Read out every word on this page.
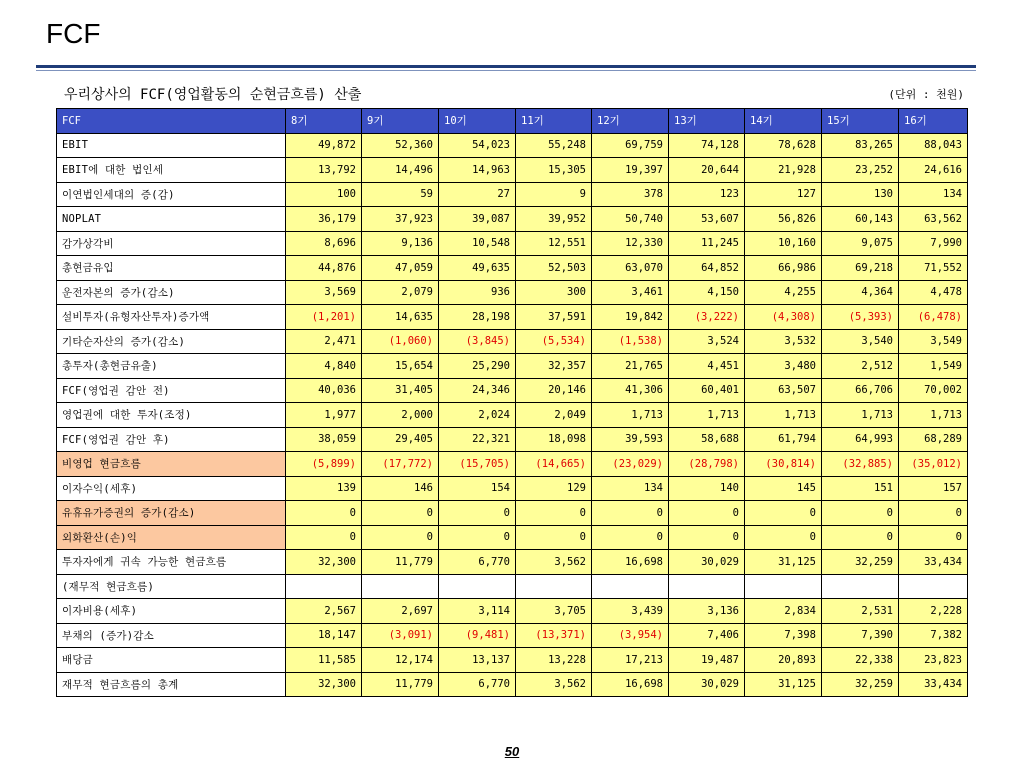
FCF
우리상사의 FCF(영업활동의 순현금흐름) 산출	(단위 : 천원)
FCF	8기	9기	10기	11기	12기	13기	14기	15기	16기
EBIT	49,872	52,360	54,023	55,248	69,759	74,128	78,628	83,265	88,043
EBIT에 대한 법인세	13,792	14,496	14,963	15,305	19,397	20,644	21,928	23,252	24,616
이연법인세대의 증(감)	100	59	27	9	378	123	127	130	134
NOPLAT	36,179	37,923	39,087	39,952	50,740	53,607	56,826	60,143	63,562
감가상각비	8,696	9,136	10,548	12,551	12,330	11,245	10,160	9,075	7,990
총현금유입	44,876	47,059	49,635	52,503	63,070	64,852	66,986	69,218	71,552
운전자본의 증가(감소)	3,569	2,079	936	300	3,461	4,150	4,255	4,364	4,478
설비투자(유형자산투자)증가액	(1,201)	14,635	28,198	37,591	19,842	(3,222)	(4,308)	(5,393)	(6,478)
기타순자산의 증가(감소)	2,471	(1,060)	(3,845)	(5,534)	(1,538)	3,524	3,532	3,540	3,549
총투자(총현금유출)	4,840	15,654	25,290	32,357	21,765	4,451	3,480	2,512	1,549
FCF(영업권 감안 전)	40,036	31,405	24,346	20,146	41,306	60,401	63,507	66,706	70,002
영업권에 대한 투자(조정)	1,977	2,000	2,024	2,049	1,713	1,713	1,713	1,713	1,713
FCF(영업권 감안 후)	38,059	29,405	22,321	18,098	39,593	58,688	61,794	64,993	68,289
비영업 현금흐름	(5,899)	(17,772)	(15,705)	(14,665)	(23,029)	(28,798)	(30,814)	(32,885)	(35,012)
이자수익(세후)	139	146	154	129	134	140	145	151	157
유휴유가증권의 증가(감소)	0	0	0	0	0	0	0	0	0
외화환산(손)익	0	0	0	0	0	0	0	0	0
투자자에게 귀속 가능한 현금흐름	32,300	11,779	6,770	3,562	16,698	30,029	31,125	32,259	33,434
(재무적 현금흐름)									
이자비용(세후)	2,567	2,697	3,114	3,705	3,439	3,136	2,834	2,531	2,228
부채의 (증가)감소	18,147	(3,091)	(9,481)	(13,371)	(3,954)	7,406	7,398	7,390	7,382
배당금	11,585	12,174	13,137	13,228	17,213	19,487	20,893	22,338	23,823
재무적 현금흐름의 총계	32,300	11,779	6,770	3,562	16,698	30,029	31,125	32,259	33,434
50
